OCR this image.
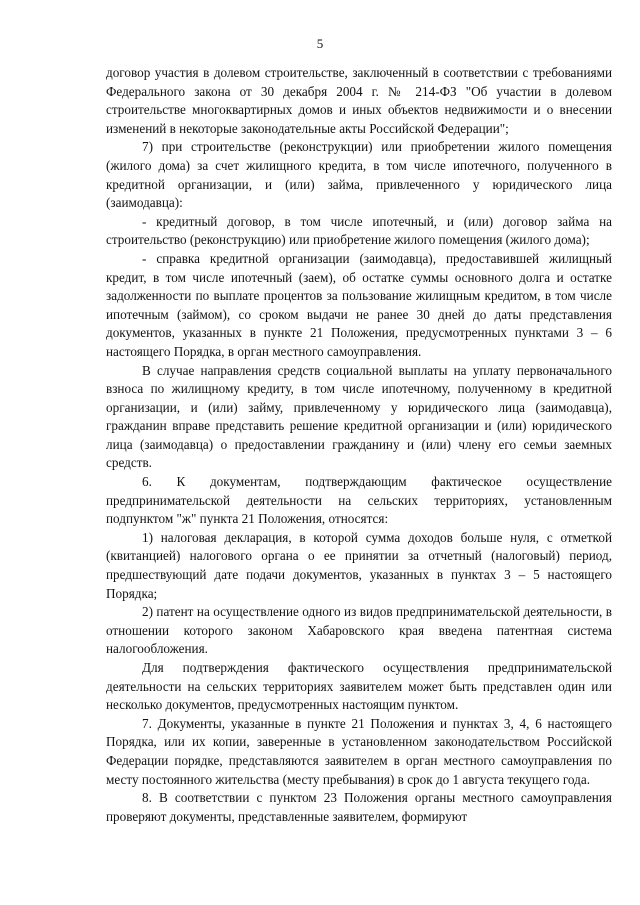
5

договор участия в долевом строительстве, заключенный в соответствии с требованиями Федерального закона от 30 декабря 2004 г. № 214-ФЗ "Об участии в долевом строительстве многоквартирных домов и иных объектов недвижимости и о внесении изменений в некоторые законодательные акты Российской Федерации";

7) при строительстве (реконструкции) или приобретении жилого помещения (жилого дома) за счет жилищного кредита, в том числе ипотечного, полученного в кредитной организации, и (или) займа, привлеченного у юридического лица (заимодавца):

- кредитный договор, в том числе ипотечный, и (или) договор займа на строительство (реконструкцию) или приобретение жилого помещения (жилого дома);

- справка кредитной организации (заимодавца), предоставившей жилищный кредит, в том числе ипотечный (заем), об остатке суммы основного долга и остатке задолженности по выплате процентов за пользование жилищным кредитом, в том числе ипотечным (займом), со сроком выдачи не ранее 30 дней до даты представления документов, указанных в пункте 21 Положения, предусмотренных пунктами 3 – 6 настоящего Порядка, в орган местного самоуправления.

В случае направления средств социальной выплаты на уплату первоначального взноса по жилищному кредиту, в том числе ипотечному, полученному в кредитной организации, и (или) займу, привлеченному у юридического лица (заимодавца), гражданин вправе представить решение кредитной организации и (или) юридического лица (заимодавца) о предоставлении гражданину и (или) члену его семьи заемных средств.

6. К документам, подтверждающим фактическое осуществление предпринимательской деятельности на сельских территориях, установленным подпунктом "ж" пункта 21 Положения, относятся:

1) налоговая декларация, в которой сумма доходов больше нуля, с отметкой (квитанцией) налогового органа о ее принятии за отчетный (налоговый) период, предшествующий дате подачи документов, указанных в пунктах 3 – 5 настоящего Порядка;

2) патент на осуществление одного из видов предпринимательской деятельности, в отношении которого законом Хабаровского края введена патентная система налогообложения.

Для подтверждения фактического осуществления предпринимательской деятельности на сельских территориях заявителем может быть представлен один или несколько документов, предусмотренных настоящим пунктом.

7. Документы, указанные в пункте 21 Положения и пунктах 3, 4, 6 настоящего Порядка, или их копии, заверенные в установленном законодательством Российской Федерации порядке, представляются заявителем в орган местного самоуправления по месту постоянного жительства (месту пребывания) в срок до 1 августа текущего года.

8. В соответствии с пунктом 23 Положения органы местного самоуправления проверяют документы, представленные заявителем, формируют
